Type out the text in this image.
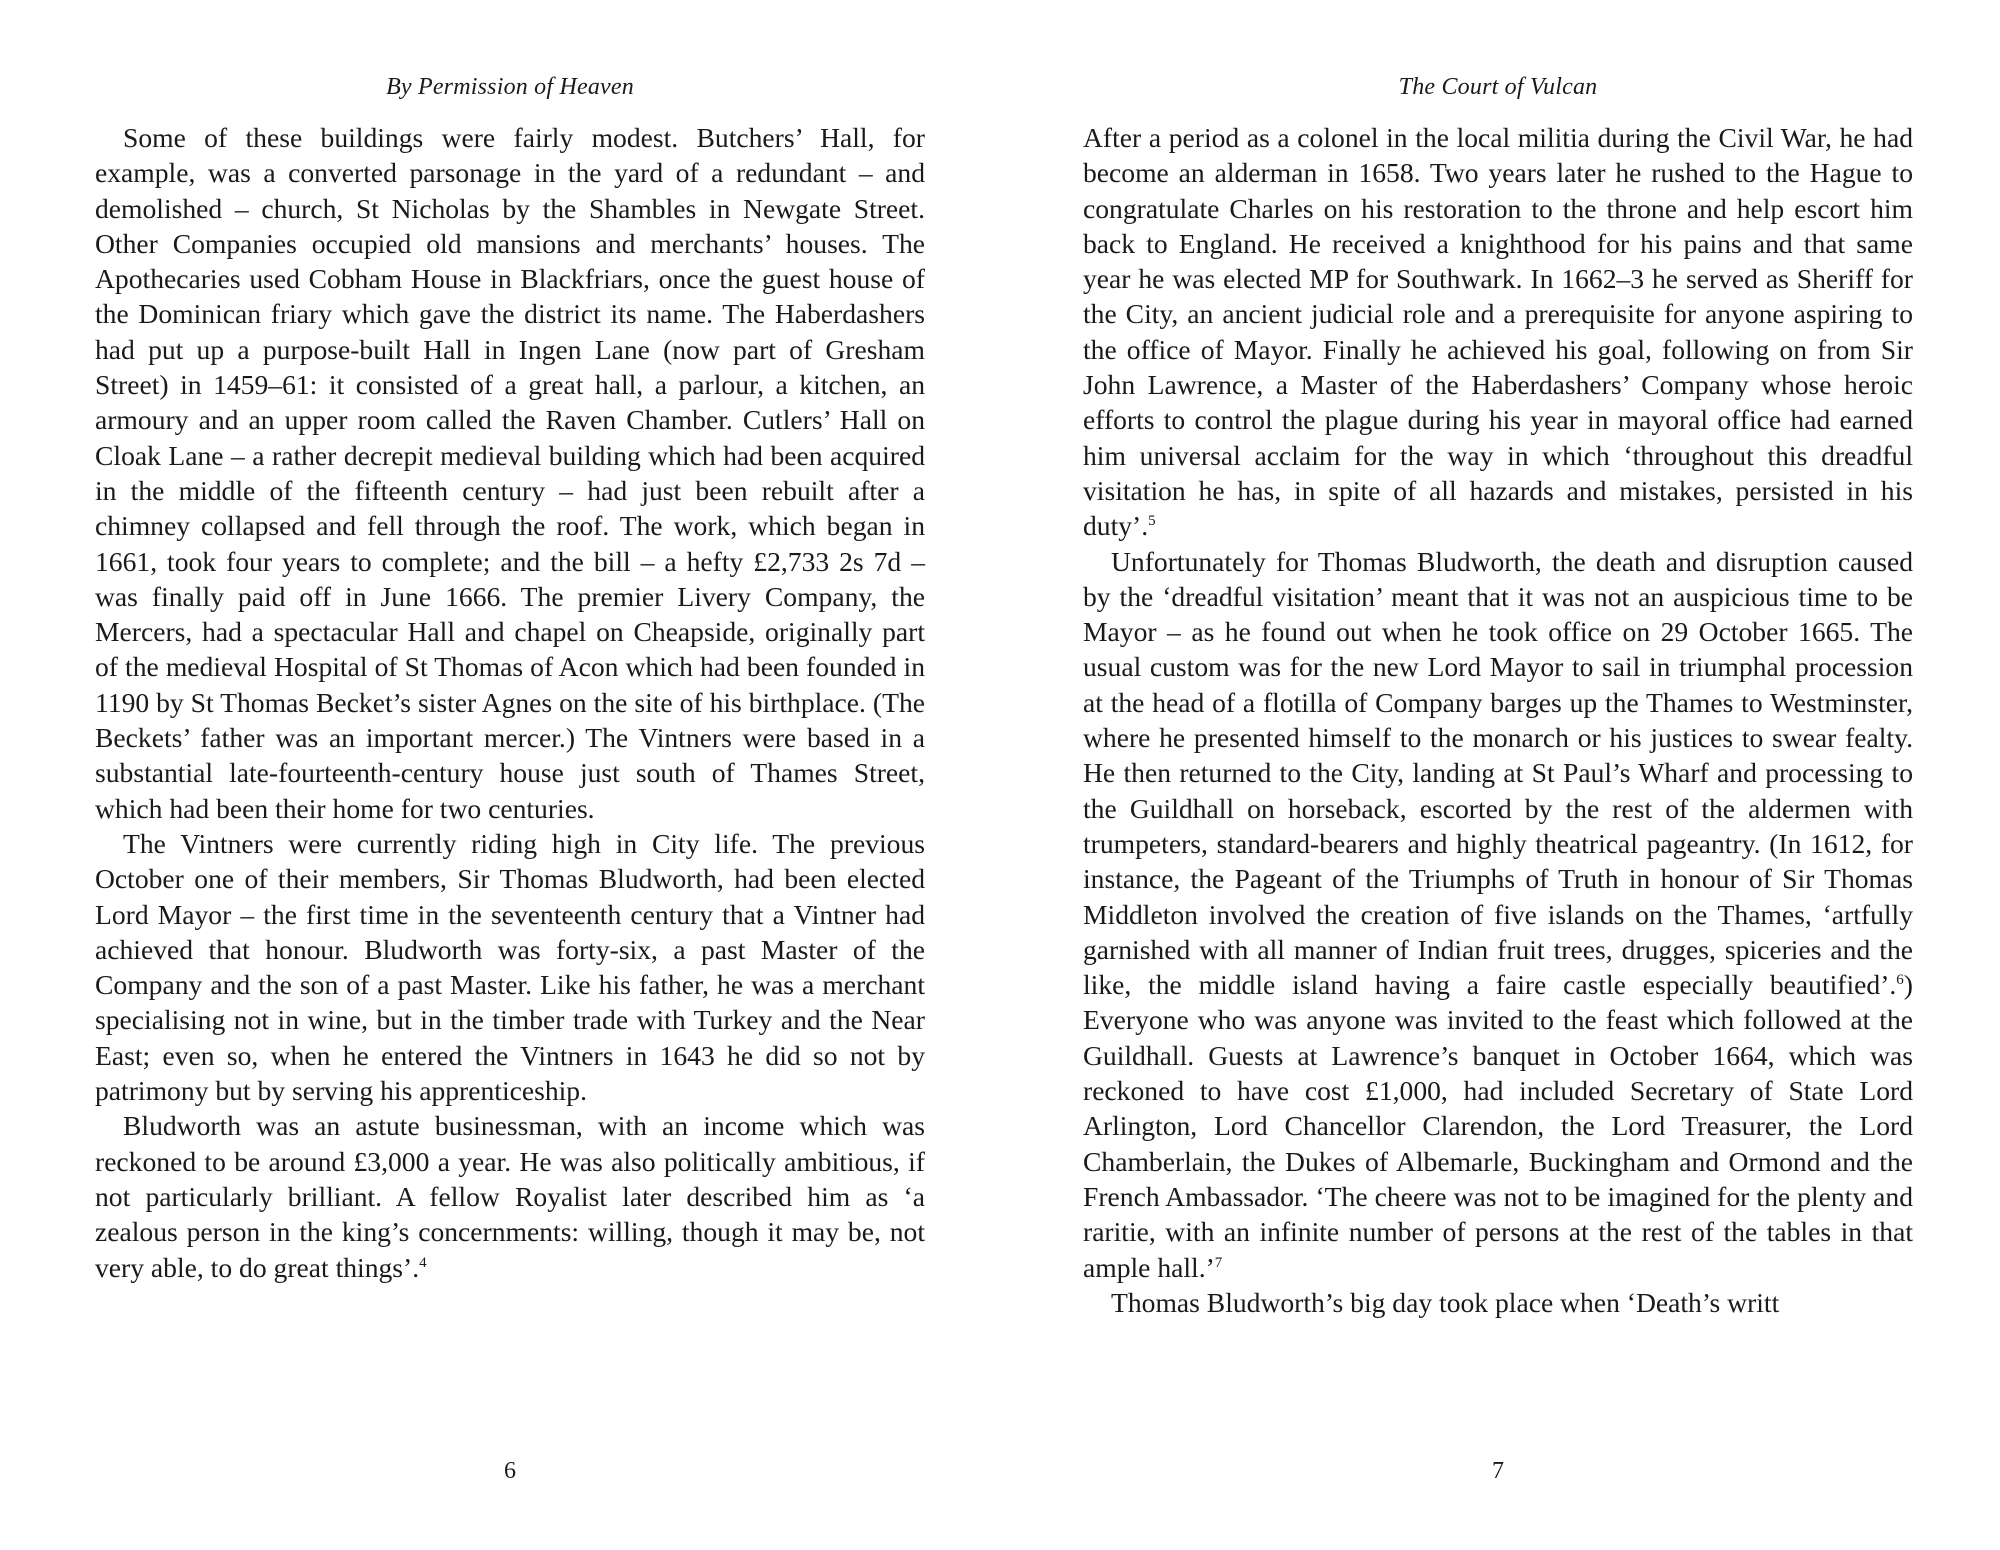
By Permission of Heaven

Some of these buildings were fairly modest. Butchers’ Hall, for example, was a converted parsonage in the yard of a redundant – and demolished – church, St Nicholas by the Shambles in Newgate Street. Other Companies occupied old mansions and merchants’ houses. The Apothecaries used Cobham House in Blackfriars, once the guest house of the Dominican friary which gave the district its name. The Haberdashers had put up a purpose-built Hall in Ingen Lane (now part of Gresham Street) in 1459–61: it consisted of a great hall, a parlour, a kitchen, an armoury and an upper room called the Raven Chamber. Cutlers’ Hall on Cloak Lane – a rather decrepit medieval building which had been acquired in the middle of the fifteenth century – had just been rebuilt after a chimney collapsed and fell through the roof. The work, which began in 1661, took four years to complete; and the bill – a hefty £2,733 2s 7d – was finally paid off in June 1666. The premier Livery Company, the Mercers, had a spectacular Hall and chapel on Cheapside, originally part of the medieval Hospital of St Thomas of Acon which had been founded in 1190 by St Thomas Becket’s sister Agnes on the site of his birthplace. (The Beckets’ father was an important mercer.) The Vintners were based in a substantial late-fourteenth-century house just south of Thames Street, which had been their home for two centuries.

The Vintners were currently riding high in City life. The previous October one of their members, Sir Thomas Bludworth, had been elected Lord Mayor – the first time in the seventeenth century that a Vintner had achieved that honour. Bludworth was forty-six, a past Master of the Company and the son of a past Master. Like his father, he was a merchant specialising not in wine, but in the timber trade with Turkey and the Near East; even so, when he entered the Vintners in 1643 he did so not by patrimony but by serving his apprenticeship.

Bludworth was an astute businessman, with an income which was reckoned to be around £3,000 a year. He was also politically ambitious, if not particularly brilliant. A fellow Royalist later described him as ‘a zealous person in the king’s concernments: willing, though it may be, not very able, to do great things’.$^4$

6
The Court of Vulcan

After a period as a colonel in the local militia during the Civil War, he had become an alderman in 1658. Two years later he rushed to the Hague to congratulate Charles on his restoration to the throne and help escort him back to England. He received a knighthood for his pains and that same year he was elected MP for Southwark. In 1662–3 he served as Sheriff for the City, an ancient judicial role and a prerequisite for anyone aspiring to the office of Mayor. Finally he achieved his goal, following on from Sir John Lawrence, a Master of the Haberdashers’ Company whose heroic efforts to control the plague during his year in mayoral office had earned him universal acclaim for the way in which ‘throughout this dreadful visitation he has, in spite of all hazards and mistakes, persisted in his duty’.$^5$

Unfortunately for Thomas Bludworth, the death and disruption caused by the ‘dreadful visitation’ meant that it was not an auspicious time to be Mayor – as he found out when he took office on 29 October 1665. The usual custom was for the new Lord Mayor to sail in triumphal procession at the head of a flotilla of Company barges up the Thames to Westminster, where he presented himself to the monarch or his justices to swear fealty. He then returned to the City, landing at St Paul’s Wharf and processing to the Guildhall on horseback, escorted by the rest of the aldermen with trumpeters, standard-bearers and highly theatrical pageantry. (In 1612, for instance, the Pageant of the Triumphs of Truth in honour of Sir Thomas Middleton involved the creation of five islands on the Thames, ‘artfully garnished with all manner of Indian fruit trees, drugges, spiceries and the like, the middle island having a faire castle especially beautified’.$^6$) Everyone who was anyone was invited to the feast which followed at the Guildhall. Guests at Lawrence’s banquet in October 1664, which was reckoned to have cost £1,000, had included Secretary of State Lord Arlington, Lord Chancellor Clarendon, the Lord Treasurer, the Lord Chamberlain, the Dukes of Albemarle, Buckingham and Ormond and the French Ambassador. ‘The cheere was not to be imagined for the plenty and raritie, with an infinite number of persons at the rest of the tables in that ample hall.’$^7$

Thomas Bludworth’s big day took place when ‘Death’s writt

7
